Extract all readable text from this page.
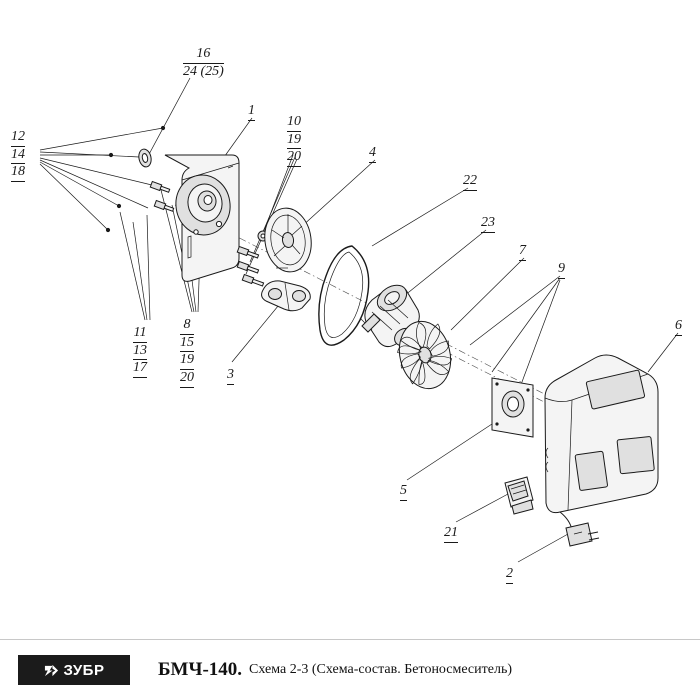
16
24 (25)
1
10
19
20
12
14
18
4
22
23
7
9
6
11
13
17
8
15
19
20 3
5
21
2
ЗУБР	БМЧ-140. Схема 2-3 (Схема-состав. Бетоносмеситель)
